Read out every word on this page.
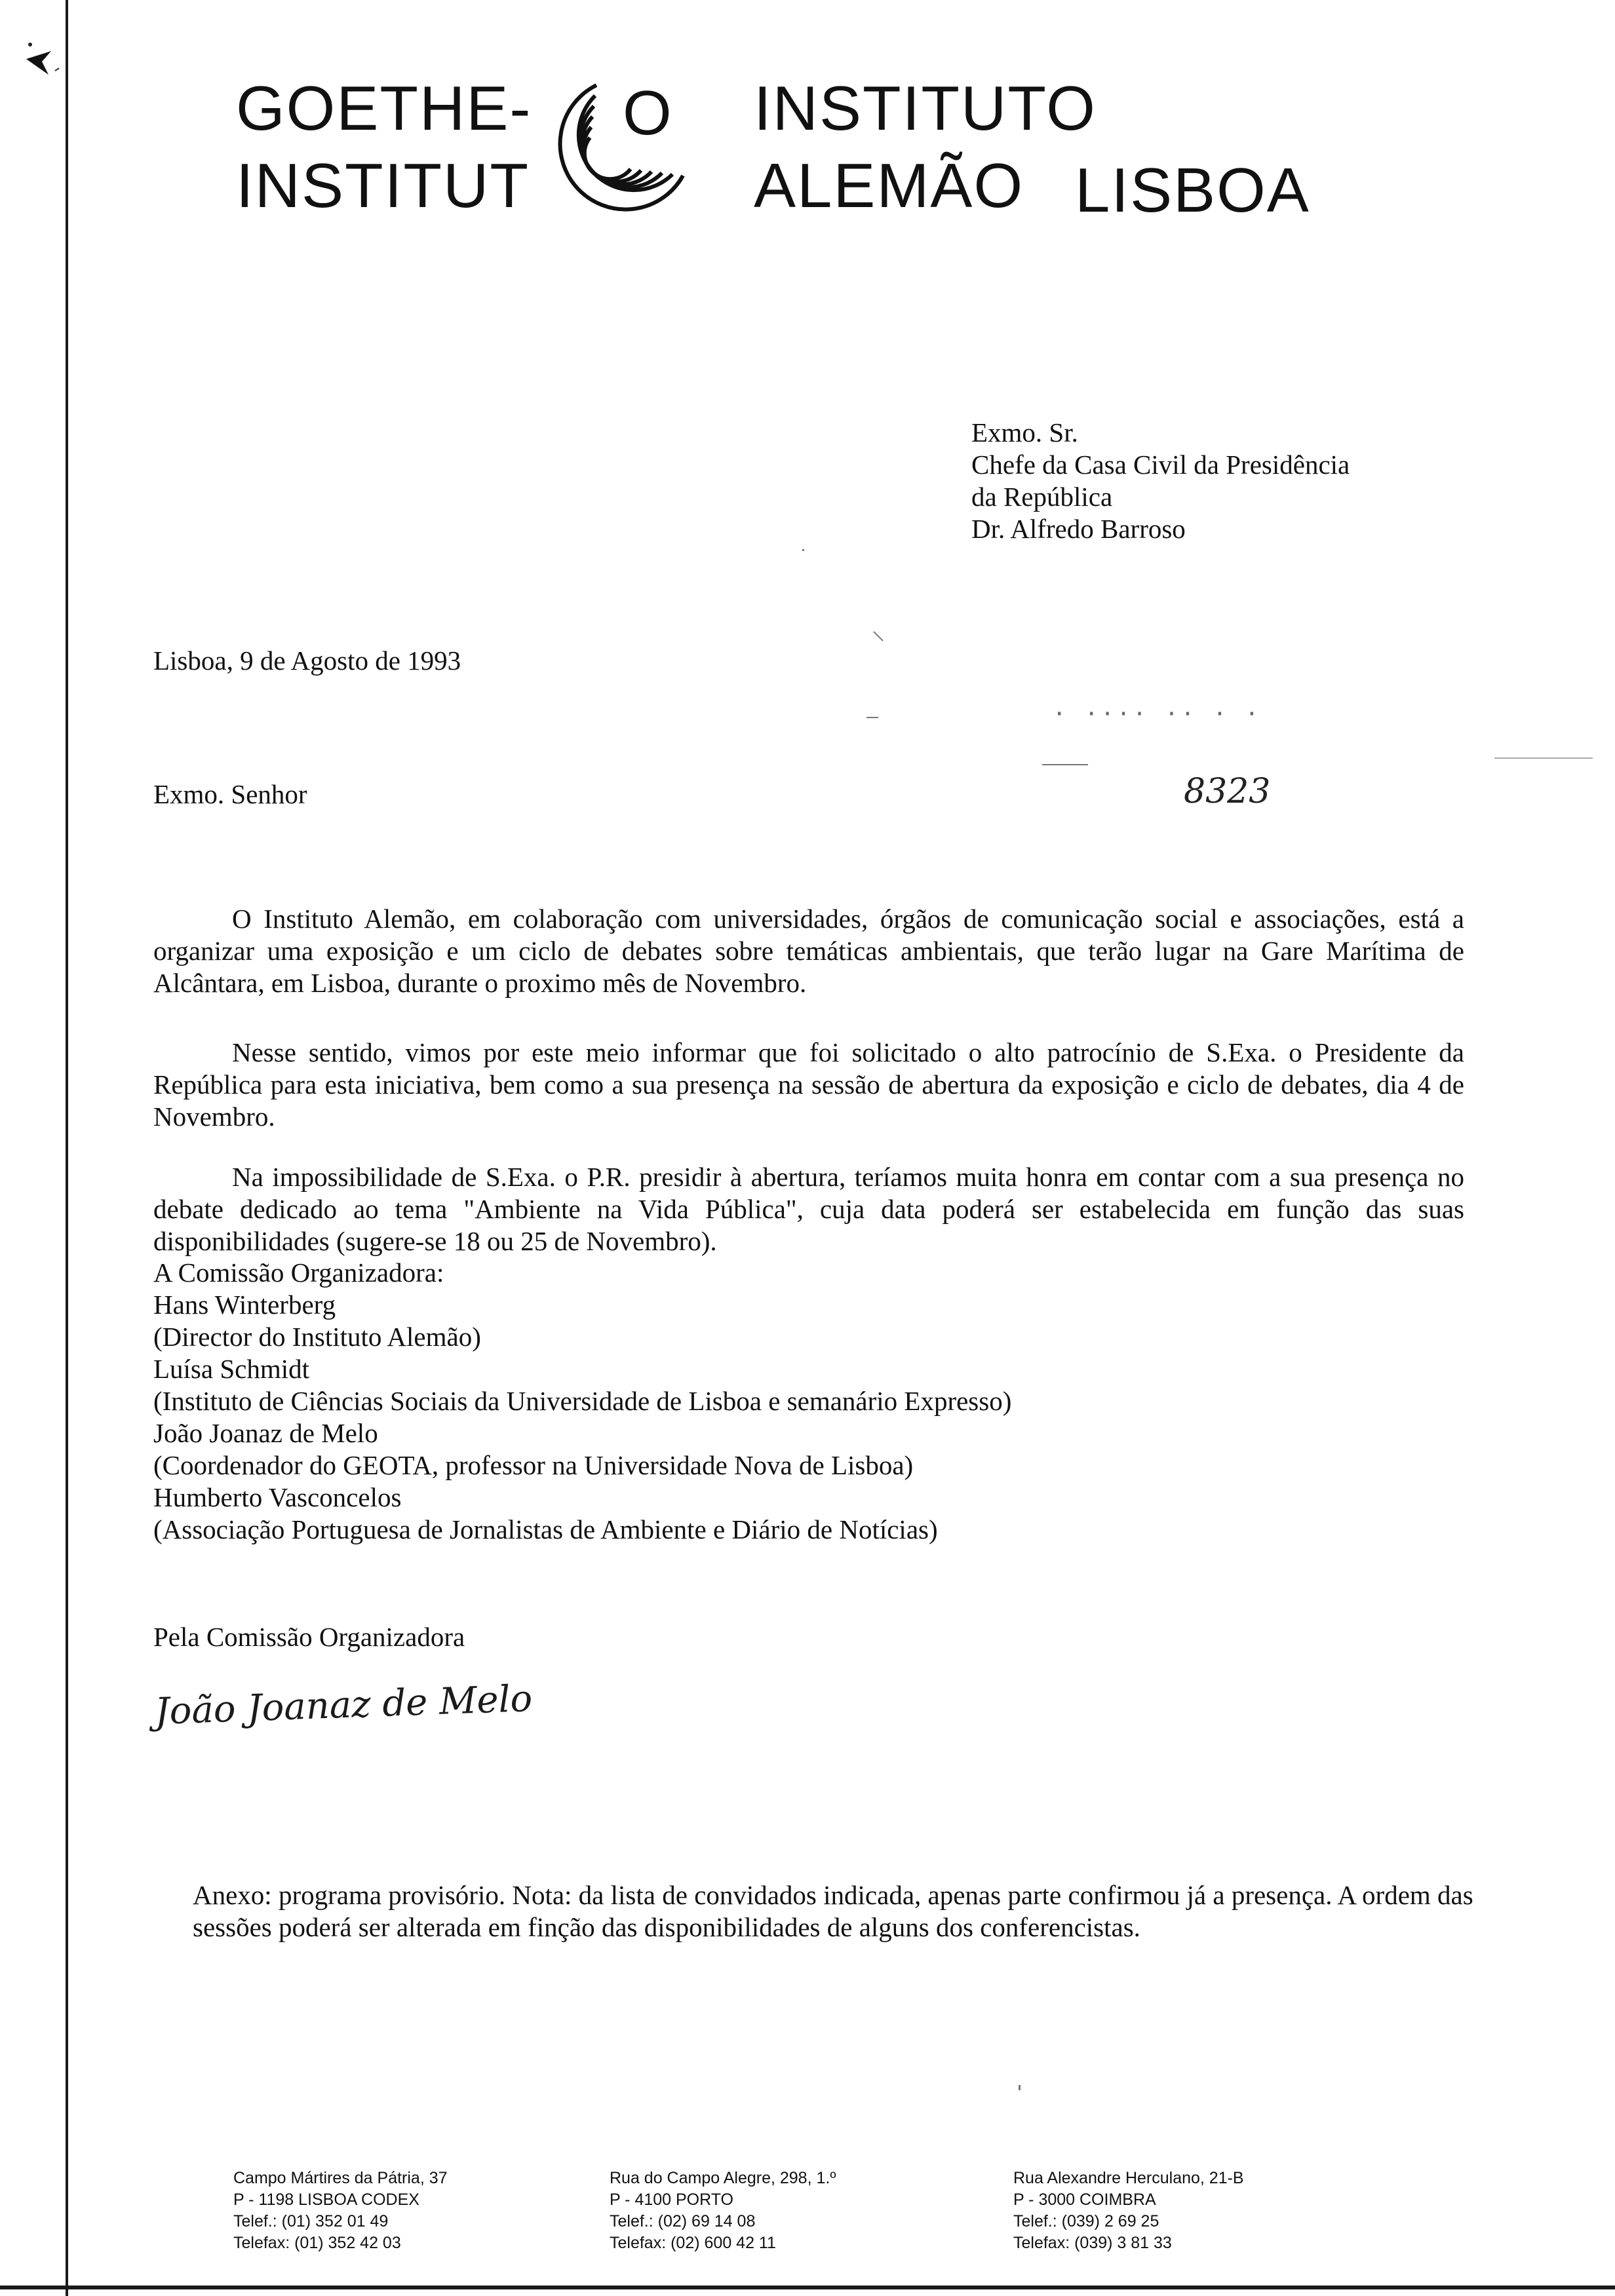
GOETHE-
INSTITUT
O INSTITUTO
ALEMÃO LISBOA
Exmo. Sr.
Chefe da Casa Civil da Presidência
da República
Dr. Alfredo Barroso
Lisboa, 9 de Agosto de 1993
· ···· ·· · ·
8323
Exmo. Senhor
O Instituto Alemão, em colaboração com universidades, órgãos de comunicação social e associações, está a organizar uma exposição e um ciclo de debates sobre temáticas ambientais, que terão lugar na Gare Marítima de Alcântara, em Lisboa, durante o proximo mês de Novembro.
Nesse sentido, vimos por este meio informar que foi solicitado o alto patrocínio de S.Exa. o Presidente da República para esta iniciativa, bem como a sua presença na sessão de abertura da exposição e ciclo de debates, dia 4 de Novembro.
Na impossibilidade de S.Exa. o P.R. presidir à abertura, teríamos muita honra em contar com a sua presença no debate dedicado ao tema "Ambiente na Vida Pública", cuja data poderá ser estabelecida em função das suas disponibilidades (sugere-se 18 ou 25 de Novembro).
A Comissão Organizadora:
Hans Winterberg
(Director do Instituto Alemão)
Luísa Schmidt
(Instituto de Ciências Sociais da Universidade de Lisboa e semanário Expresso)
João Joanaz de Melo
(Coordenador do GEOTA, professor na Universidade Nova de Lisboa)
Humberto Vasconcelos
(Associação Portuguesa de Jornalistas de Ambiente e Diário de Notícias)
Pela Comissão Organizadora
João Joanaz de Melo
Anexo: programa provisório. Nota: da lista de convidados indicada, apenas parte confirmou já a presença. A ordem das sessões poderá ser alterada em finção das disponibilidades de alguns dos conferencistas.
Campo Mártires da Pátria, 37
P - 1198 LISBOA CODEX
Telef.: (01) 352 01 49
Telefax: (01) 352 42 03
Rua do Campo Alegre, 298, 1.º
P - 4100 PORTO
Telef.: (02) 69 14 08
Telefax: (02) 600 42 11
Rua Alexandre Herculano, 21-B
P - 3000 COIMBRA
Telef.: (039) 2 69 25
Telefax: (039) 3 81 33
